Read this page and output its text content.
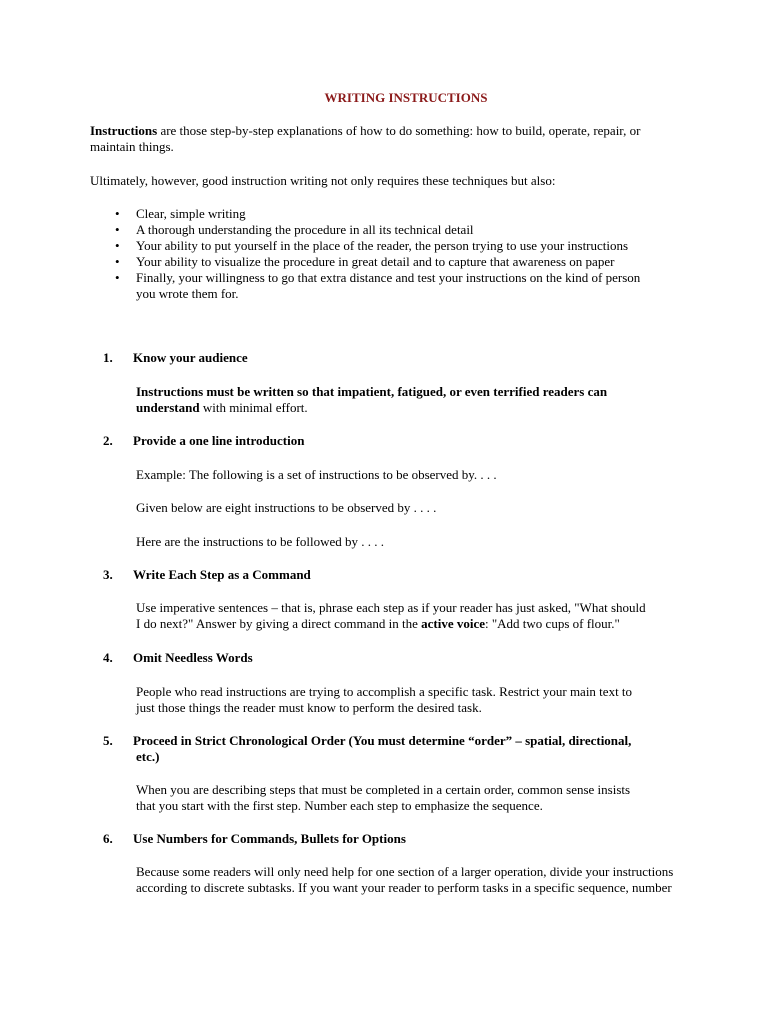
WRITING INSTRUCTIONS
Instructions are those step-by-step explanations of how to do something: how to build, operate, repair, or
maintain things.
Ultimately, however, good instruction writing not only requires these techniques but also:
• Clear, simple writing
• A thorough understanding the procedure in all its technical detail
• Your ability to put yourself in the place of the reader, the person trying to use your instructions
• Your ability to visualize the procedure in great detail and to capture that awareness on paper
• Finally, your willingness to go that extra distance and test your instructions on the kind of person
you wrote them for.
1. Know your audience
Instructions must be written so that impatient, fatigued, or even terrified readers can
understand with minimal effort.
2. Provide a one line introduction
Example: The following is a set of instructions to be observed by. . . .
Given below are eight instructions to be observed by . . . .
Here are the instructions to be followed by . . . .
3. Write Each Step as a Command
Use imperative sentences – that is, phrase each step as if your reader has just asked, "What should
I do next?" Answer by giving a direct command in the active voice: "Add two cups of flour."
4. Omit Needless Words
People who read instructions are trying to accomplish a specific task. Restrict your main text to
just those things the reader must know to perform the desired task.
5. Proceed in Strict Chronological Order (You must determine “order” – spatial, directional,
etc.)
When you are describing steps that must be completed in a certain order, common sense insists
that you start with the first step. Number each step to emphasize the sequence.
6. Use Numbers for Commands, Bullets for Options
Because some readers will only need help for one section of a larger operation, divide your instructions
according to discrete subtasks. If you want your reader to perform tasks in a specific sequence, number
